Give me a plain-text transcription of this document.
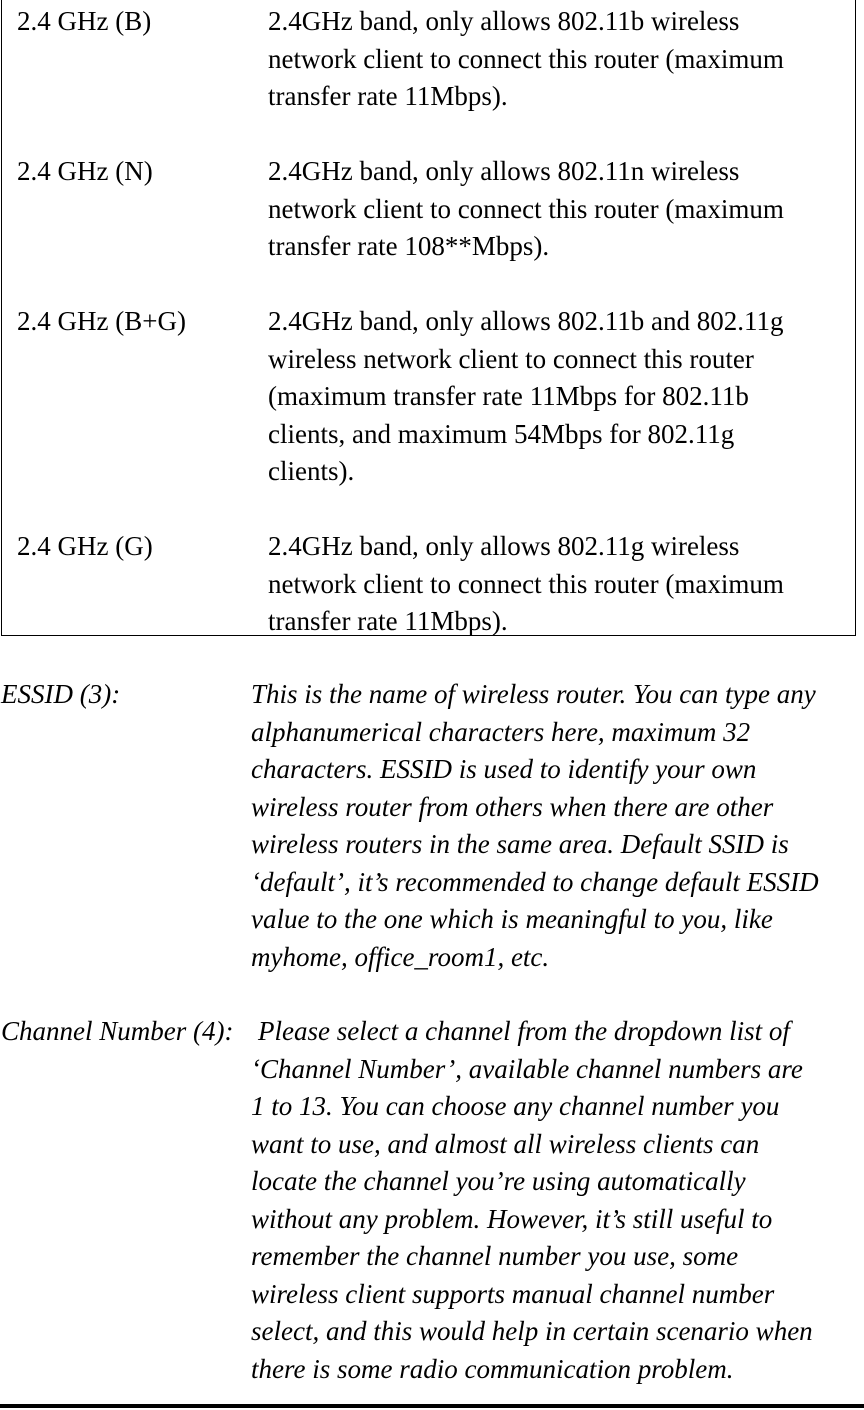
2.4 GHz (B)	2.4GHz band, only allows 802.11b wireless
network client to connect this router (maximum
transfer rate 11Mbps).
2.4 GHz (N)	2.4GHz band, only allows 802.11n wireless
network client to connect this router (maximum
transfer rate 108**Mbps).
2.4 GHz (B+G)	2.4GHz band, only allows 802.11b and 802.11g
wireless network client to connect this router
(maximum transfer rate 11Mbps for 802.11b
clients, and maximum 54Mbps for 802.11g
clients).
2.4 GHz (G)	2.4GHz band, only allows 802.11g wireless
network client to connect this router (maximum
transfer rate 11Mbps).
ESSID (3):	This is the name of wireless router. You can type any
alphanumerical characters here, maximum 32
characters. ESSID is used to identify your own
wireless router from others when there are other
wireless routers in the same area. Default SSID is
‘default’, it’s recommended to change default ESSID
value to the one which is meaningful to you, like
myhome, office_room1, etc.
Channel Number (4): Please select a channel from the dropdown list of
‘Channel Number’, available channel numbers are
1 to 13. You can choose any channel number you
want to use, and almost all wireless clients can
locate the channel you’re using automatically
without any problem. However, it’s still useful to
remember the channel number you use, some
wireless client supports manual channel number
select, and this would help in certain scenario when
there is some radio communication problem.
